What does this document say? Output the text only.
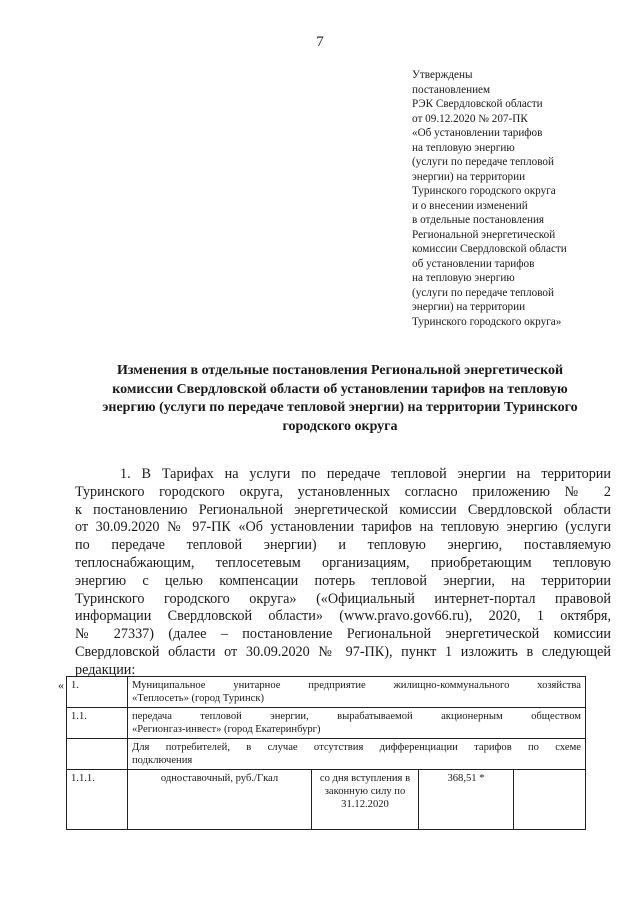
7
Утверждены
постановлением
РЭК Свердловской области
от 09.12.2020 № 207-ПК
«Об установлении тарифов
на тепловую энергию
(услуги по передаче тепловой
энергии) на территории
Туринского городского округа
и о внесении изменений
в отдельные постановления
Региональной энергетической
комиссии Свердловской области
об установлении тарифов
на тепловую энергию
(услуги по передаче тепловой
энергии) на территории
Туринского городского округа»
Изменения в отдельные постановления Региональной энергетической
комиссии Свердловской области об установлении тарифов на тепловую
энергию (услуги по передаче тепловой энергии) на территории Туринского
городского округа
1. В Тарифах на услуги по передаче тепловой энергии на территории
Туринского городского округа, установленных согласно приложению № 2
к постановлению Региональной энергетической комиссии Свердловской области
от 30.09.2020 № 97-ПК «Об установлении тарифов на тепловую энергию (услуги
по передаче тепловой энергии) и тепловую энергию, поставляемую
теплоснабжающим, теплосетевым организациям, приобретающим тепловую
энергию с целью компенсации потерь тепловой энергии, на территории
Туринского городского округа» («Официальный интернет-портал правовой
информации Свердловской области» (www.pravo.gov66.ru), 2020, 1 октября,
№ 27337) (далее – постановление Региональной энергетической комиссии
Свердловской области от 30.09.2020 № 97-ПК), пункт 1 изложить в следующей
редакции:
« 1.	Муниципальное унитарное предприятие жилищно-коммунального хозяйства
«Теплосеть» (город Туринск)			

1.1.	передача тепловой энергии, вырабатываемой акционерным обществом
«Регионгаз-инвест» (город Екатеринбург)			

	Для потребителей, в случае отсутствия дифференциации тарифов по схеме
подключения			

1.1.1.	одноставочный, руб./Гкал	со дня вступления в законную силу по 31.12.2020	368,51 *	
